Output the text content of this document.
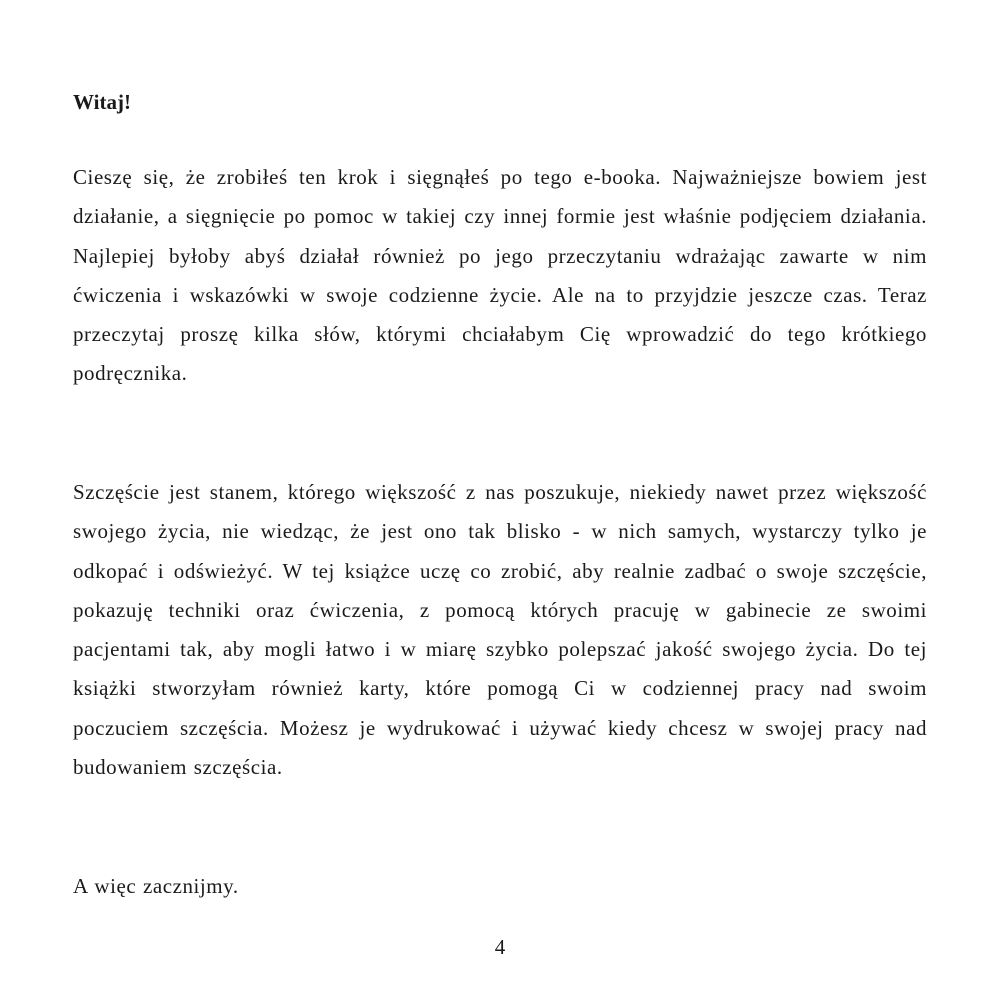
Witaj!

Cieszę się, że zrobiłeś ten krok i sięgnąłeś po tego e-booka. Najważniejsze bowiem jest działanie, a sięgnięcie po pomoc w takiej czy innej formie jest właśnie podjęciem działania. Najlepiej byłoby abyś działał również po jego przeczytaniu wdrażając zawarte w nim ćwiczenia i wskazówki w swoje codzienne życie. Ale na to przyjdzie jeszcze czas. Teraz przeczytaj proszę kilka słów, którymi chciałabym Cię wprowadzić do tego krótkiego podręcznika.

Szczęście jest stanem, którego większość z nas poszukuje, niekiedy nawet przez większość swojego życia, nie wiedząc, że jest ono tak blisko - w nich samych, wystarczy tylko je odkopać i odświeżyć. W tej książce uczę co zrobić, aby realnie zadbać o swoje szczęście, pokazuję techniki oraz ćwiczenia, z pomocą których pracuję w gabinecie ze swoimi pacjentami tak, aby mogli łatwo i w miarę szybko polepszać jakość swojego życia. Do tej książki stworzyłam również karty, które pomogą Ci w codziennej pracy nad swoim poczuciem szczęścia. Możesz je wydrukować i używać kiedy chcesz w swojej pracy nad budowaniem szczęścia.

A więc zacznijmy.

4
